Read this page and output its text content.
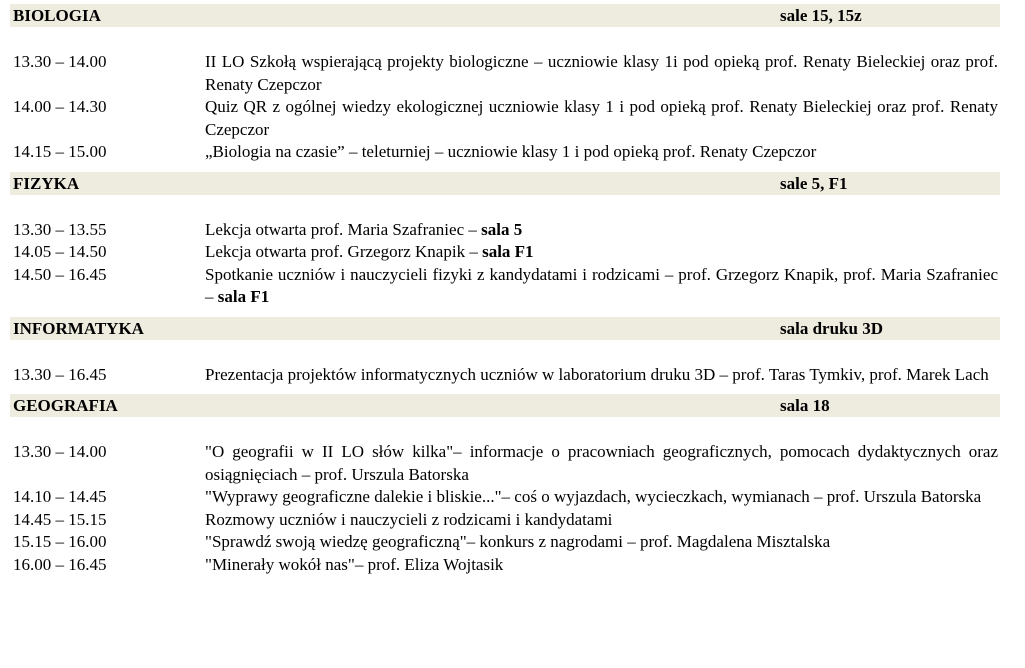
BIOLOGIA	sale 15, 15z
13.30 – 14.00	II LO Szkołą wspierającą projekty biologiczne – uczniowie klasy 1i pod opieką prof. Renaty Bieleckiej oraz prof. Renaty Czepczor
14.00 – 14.30	Quiz QR z ogólnej wiedzy ekologicznej uczniowie klasy 1 i pod opieką prof. Renaty Bieleckiej oraz prof. Renaty Czepczor
14.15 – 15.00	„Biologia na czasie” – teleturniej – uczniowie klasy 1 i pod opieką prof. Renaty Czepczor
FIZYKA	sale 5, F1
13.30 – 13.55	Lekcja otwarta prof. Maria Szafraniec – sala 5
14.05 – 14.50	Lekcja otwarta prof. Grzegorz Knapik – sala F1
14.50 – 16.45	Spotkanie uczniów i nauczycieli fizyki z kandydatami i rodzicami – prof. Grzegorz Knapik, prof. Maria Szafraniec – sala F1
INFORMATYKA	sala druku 3D
13.30 – 16.45	Prezentacja projektów informatycznych uczniów w laboratorium druku 3D – prof. Taras Tymkiv, prof. Marek Lach
GEOGRAFIA	sala 18
13.30 – 14.00	"O geografii w II LO słów kilka"– informacje o pracowniach geograficznych, pomocach dydaktycznych oraz osiągnięciach – prof. Urszula Batorska
14.10 – 14.45	"Wyprawy geograficzne dalekie i bliskie..."– coś o wyjazdach, wycieczkach, wymianach – prof. Urszula Batorska
14.45 – 15.15	Rozmowy uczniów i nauczycieli z rodzicami i kandydatami
15.15 – 16.00	"Sprawdź swoją wiedzę geograficzną"– konkurs z nagrodami – prof. Magdalena Misztalska
16.00 – 16.45	"Minerały wokół nas"– prof. Eliza Wojtasik
